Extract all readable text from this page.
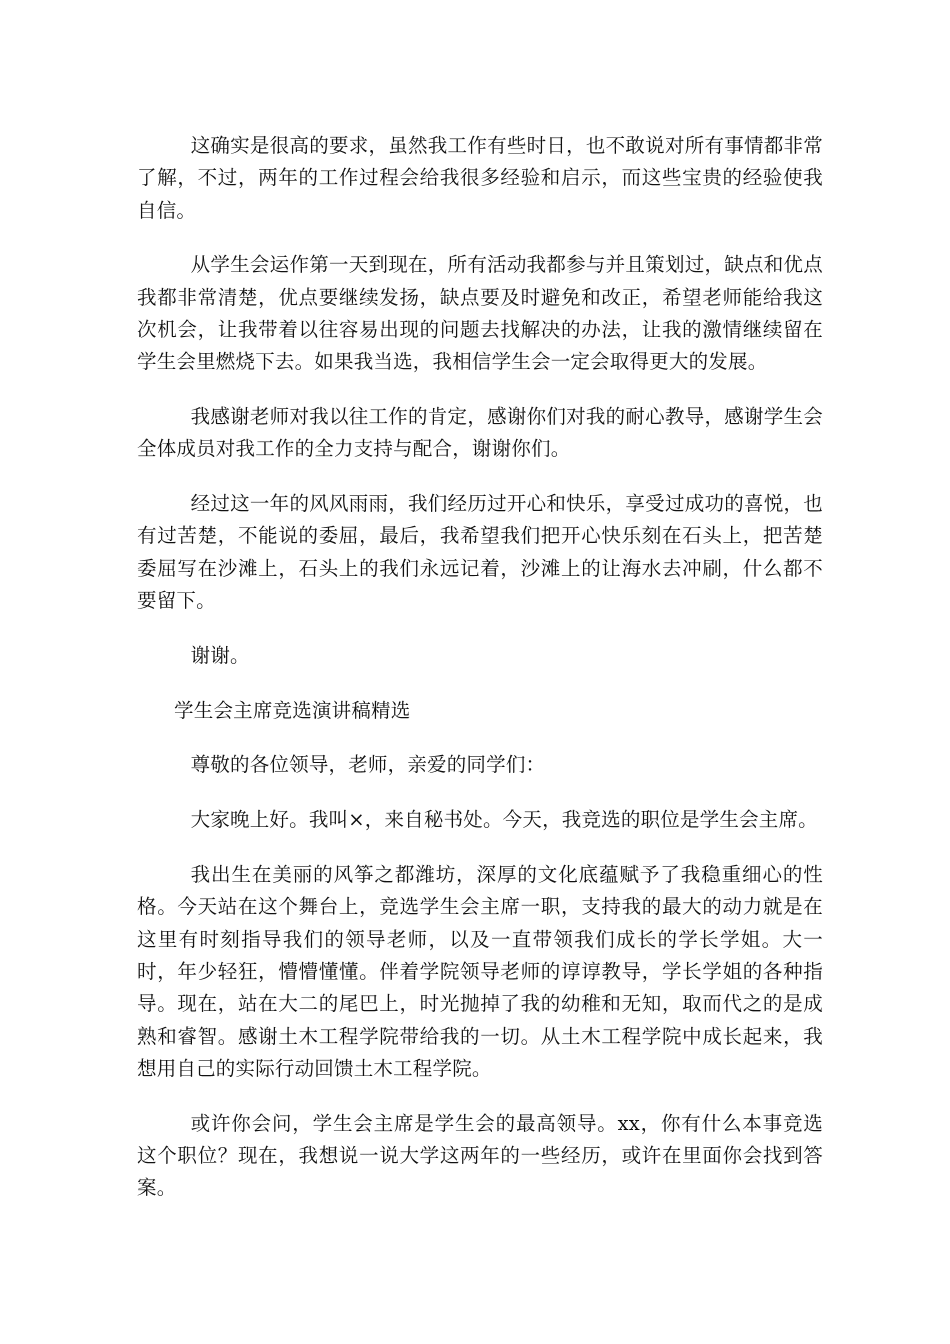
这确实是很高的要求，虽然我工作有些时日，也不敢说对所有事情都非常了解，不过，两年的工作过程会给我很多经验和启示，而这些宝贵的经验使我自信。

从学生会运作第一天到现在，所有活动我都参与并且策划过，缺点和优点我都非常清楚，优点要继续发扬，缺点要及时避免和改正，希望老师能给我这次机会，让我带着以往容易出现的问题去找解决的办法，让我的激情继续留在学生会里燃烧下去。如果我当选，我相信学生会一定会取得更大的发展。

我感谢老师对我以往工作的肯定，感谢你们对我的耐心教导，感谢学生会全体成员对我工作的全力支持与配合，谢谢你们。

经过这一年的风风雨雨，我们经历过开心和快乐，享受过成功的喜悦，也有过苦楚，不能说的委屈，最后，我希望我们把开心快乐刻在石头上，把苦楚委屈写在沙滩上，石头上的我们永远记着，沙滩上的让海水去冲刷，什么都不要留下。

谢谢。

学生会主席竞选演讲稿精选

尊敬的各位领导，老师，亲爱的同学们：

大家晚上好。我叫×，来自秘书处。今天，我竞选的职位是学生会主席。

我出生在美丽的风筝之都潍坊，深厚的文化底蕴赋予了我稳重细心的性格。今天站在这个舞台上，竞选学生会主席一职，支持我的最大的动力就是在这里有时刻指导我们的领导老师，以及一直带领我们成长的学长学姐。大一时，年少轻狂，懵懵懂懂。伴着学院领导老师的谆谆教导，学长学姐的各种指导。现在，站在大二的尾巴上，时光抛掉了我的幼稚和无知，取而代之的是成熟和睿智。感谢土木工程学院带给我的一切。从土木工程学院中成长起来，我想用自己的实际行动回馈土木工程学院。

或许你会问，学生会主席是学生会的最高领导。xx，你有什么本事竞选这个职位？现在，我想说一说大学这两年的一些经历，或许在里面你会找到答案。
